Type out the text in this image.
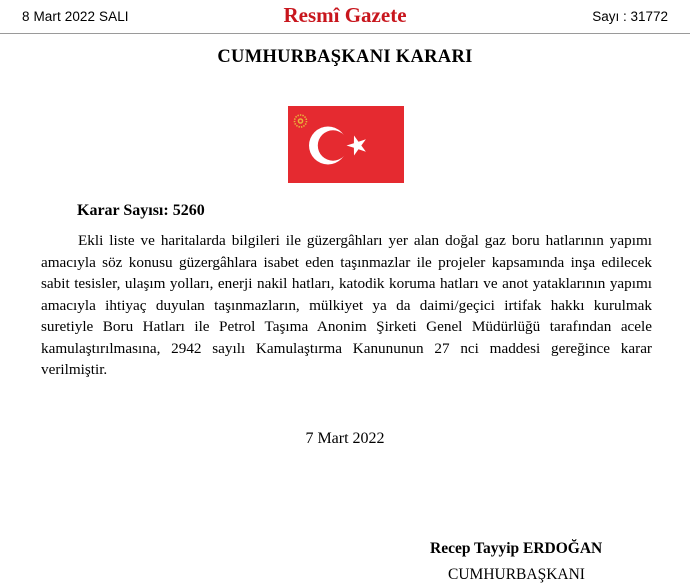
8 Mart 2022 SALI	Resmî Gazete	Sayı : 31772
CUMHURBAŞKANI KARARI
Karar Sayısı: 5260

Ekli liste ve haritalarda bilgileri ile güzergâhları yer alan doğal gaz boru hatlarının yapımı amacıyla söz konusu güzergâhlara isabet eden taşınmazlar ile projeler kapsamında inşa edilecek sabit tesisler, ulaşım yolları, enerji nakil hatları, katodik koruma hatları ve anot yataklarının yapımı amacıyla ihtiyaç duyulan taşınmazların, mülkiyet ya da daimi/geçici irtifak hakkı kurulmak suretiyle Boru Hatları ile Petrol Taşıma Anonim Şirketi Genel Müdürlüğü tarafından acele kamulaştırılmasına, 2942 sayılı Kamulaştırma Kanununun 27 nci maddesi gereğince karar verilmiştir.

7 Mart 2022
Recep Tayyip ERDOĞAN
CUMHURBAŞKANI
